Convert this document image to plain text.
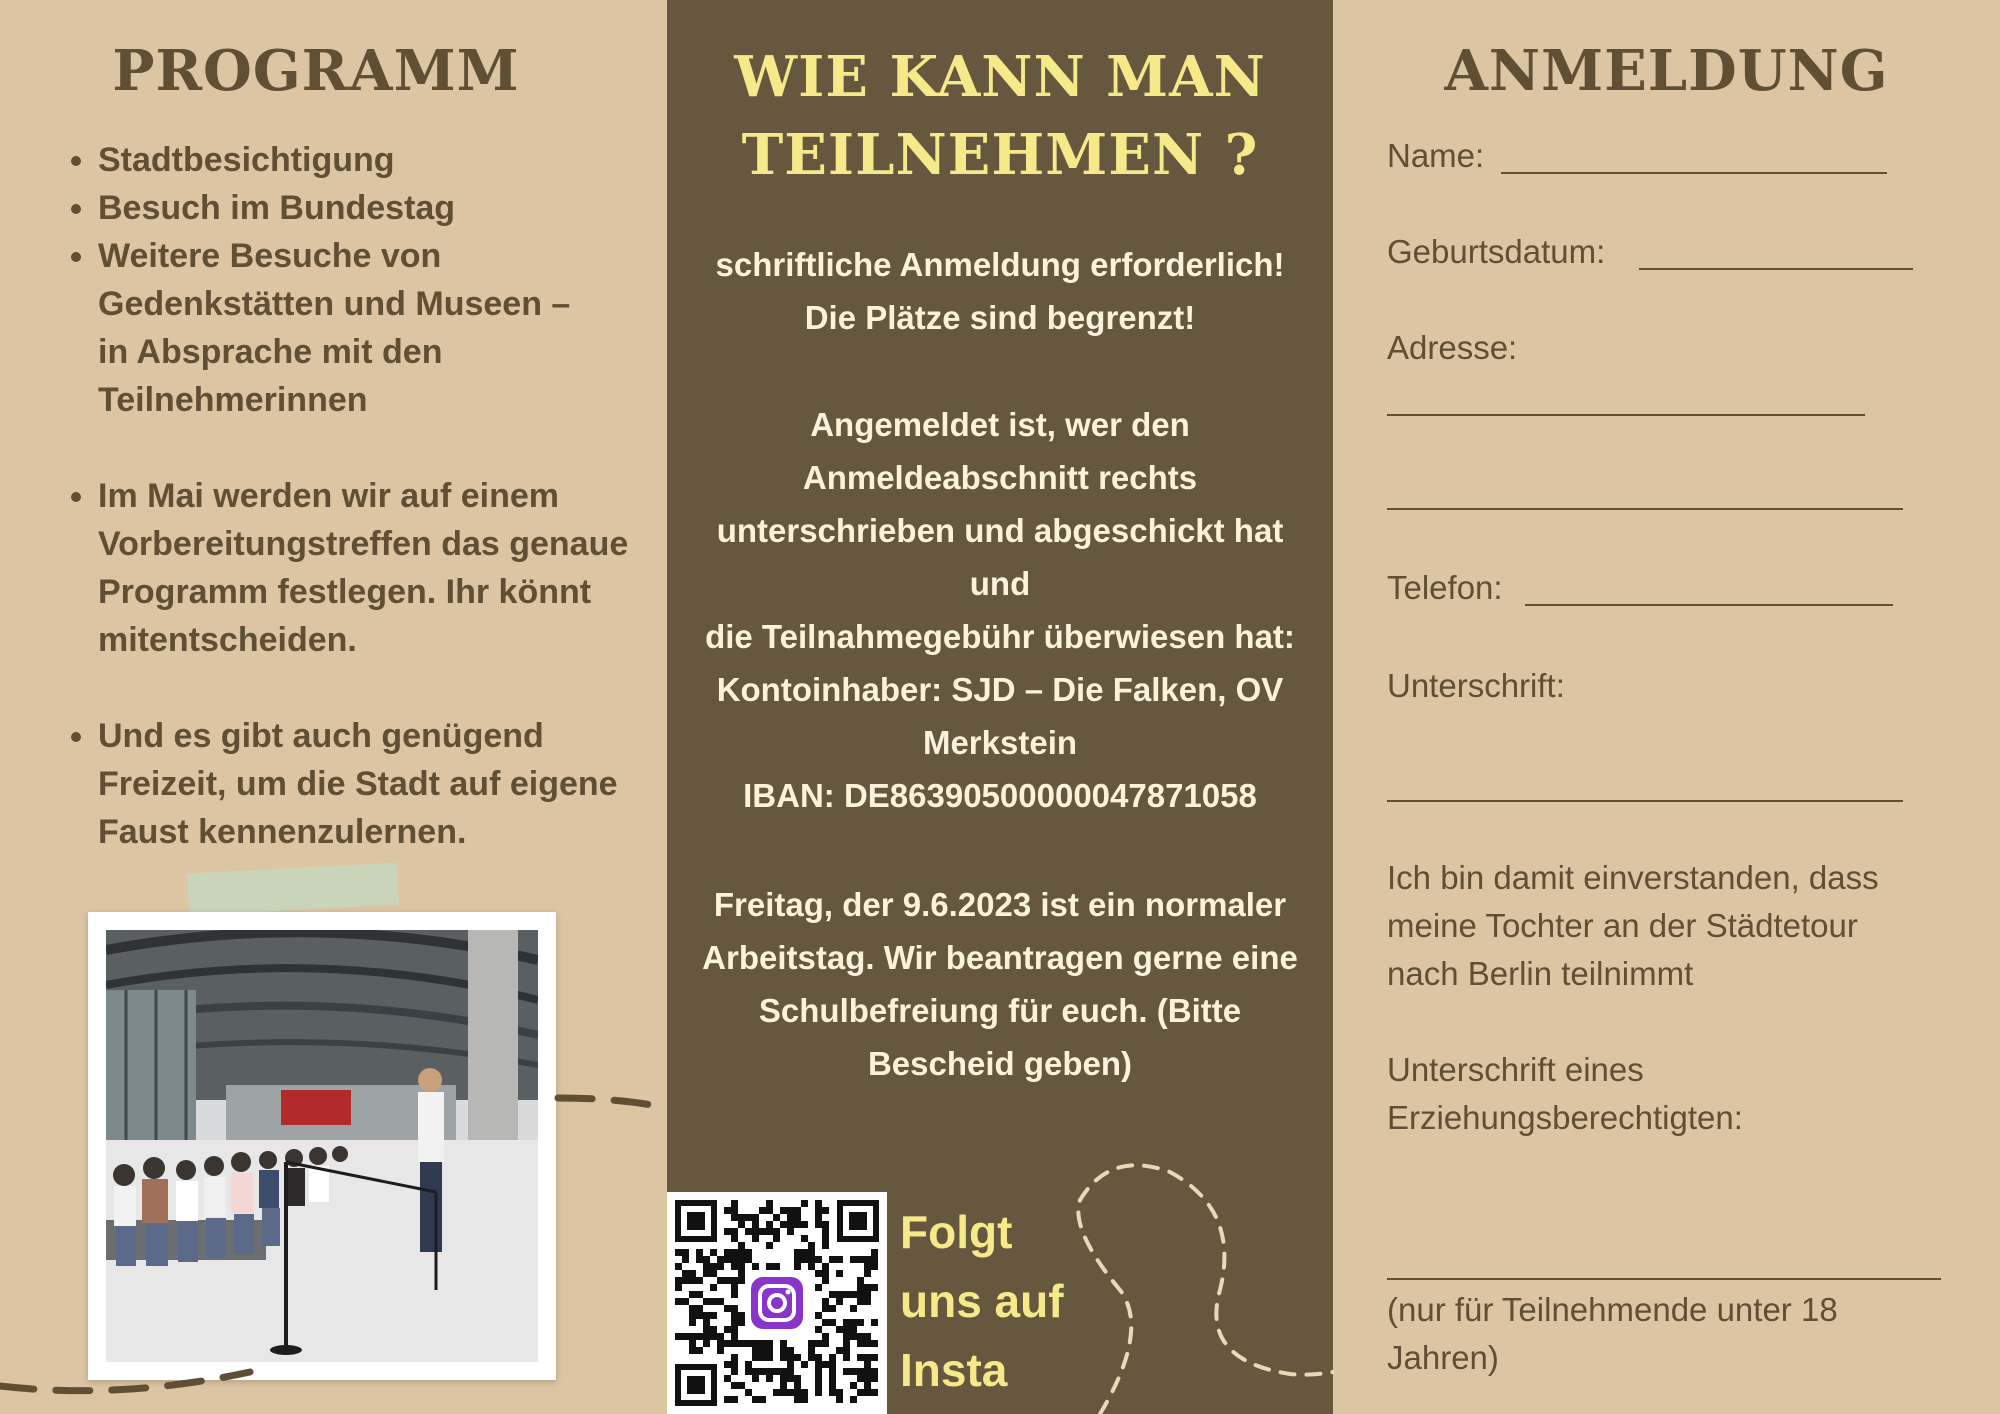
PROGRAMM
• Stadtbesichtigung
• Besuch im Bundestag
• Weitere Besuche von Gedenkstätten und Museen – in Absprache mit den Teilnehmerinnen
• Im Mai werden wir auf einem Vorbereitungstreffen das genaue Programm festlegen. Ihr könnt mitentscheiden.
• Und es gibt auch genügend Freizeit, um die Stadt auf eigene Faust kennenzulernen.
WIE KANN MAN
TEILNEHMEN ?
schriftliche Anmeldung erforderlich!
Die Plätze sind begrenzt!
Angemeldet ist, wer den
Anmeldeabschnitt rechts
unterschrieben und abgeschickt hat
und
die Teilnahmegebühr überwiesen hat:
Kontoinhaber: SJD – Die Falken, OV
Merkstein
IBAN: DE86390500000047871058
Freitag, der 9.6.2023 ist ein normaler
Arbeitstag. Wir beantragen gerne eine
Schulbefreiung für euch. (Bitte
Bescheid geben)
Folgt
uns auf
Insta
ANMELDUNG
Name:
Geburtsdatum:
Adresse:
Telefon:
Unterschrift:
Ich bin damit einverstanden, dass
meine Tochter an der Städtetour
nach Berlin teilnimmt
Unterschrift eines
Erziehungsberechtigten:
(nur für Teilnehmende unter 18
Jahren)
